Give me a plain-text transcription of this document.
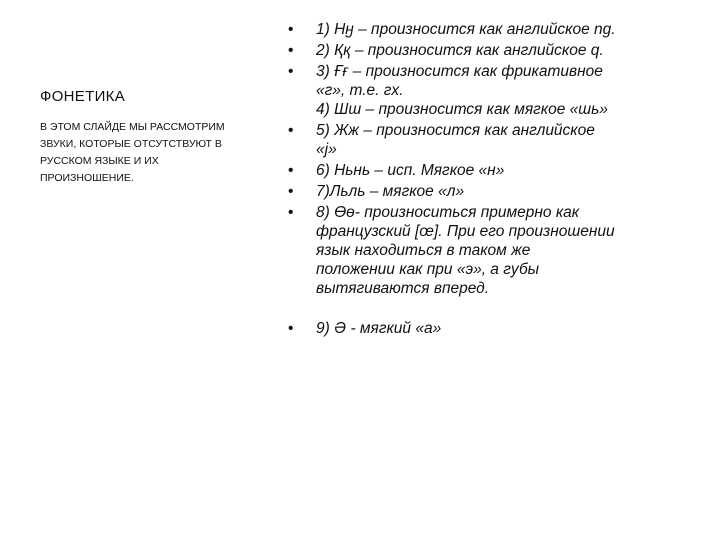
ФОНЕТИКА
В ЭТОМ СЛАЙДЕ МЫ РАССМОТРИМ
ЗВУКИ, КОТОРЫЕ ОТСУТСТВУЮТ В
РУССКОМ ЯЗЫКЕ И ИХ
ПРОИЗНОШЕНИЕ.
• 1) Нӈ – произносится как английское ng.
• 2) Ққ – произносится как английское q.
• 3) Ғғ – произносится как фрикативное
«г», т.е. гх.
4) Шш – произносится как мягкое «шь»
• 5) Жж – произносится как английское
«j»
• 6) Ньнь – исп. Мягкое «н»
• 7)Льль – мягкое «л»
• 8) Өө- произноситься примерно как
французский [œ]. При его произношении
язык находиться в таком же
положении как при «э», а губы
вытягиваются вперед.
• 9) Ә - мягкий «а»
